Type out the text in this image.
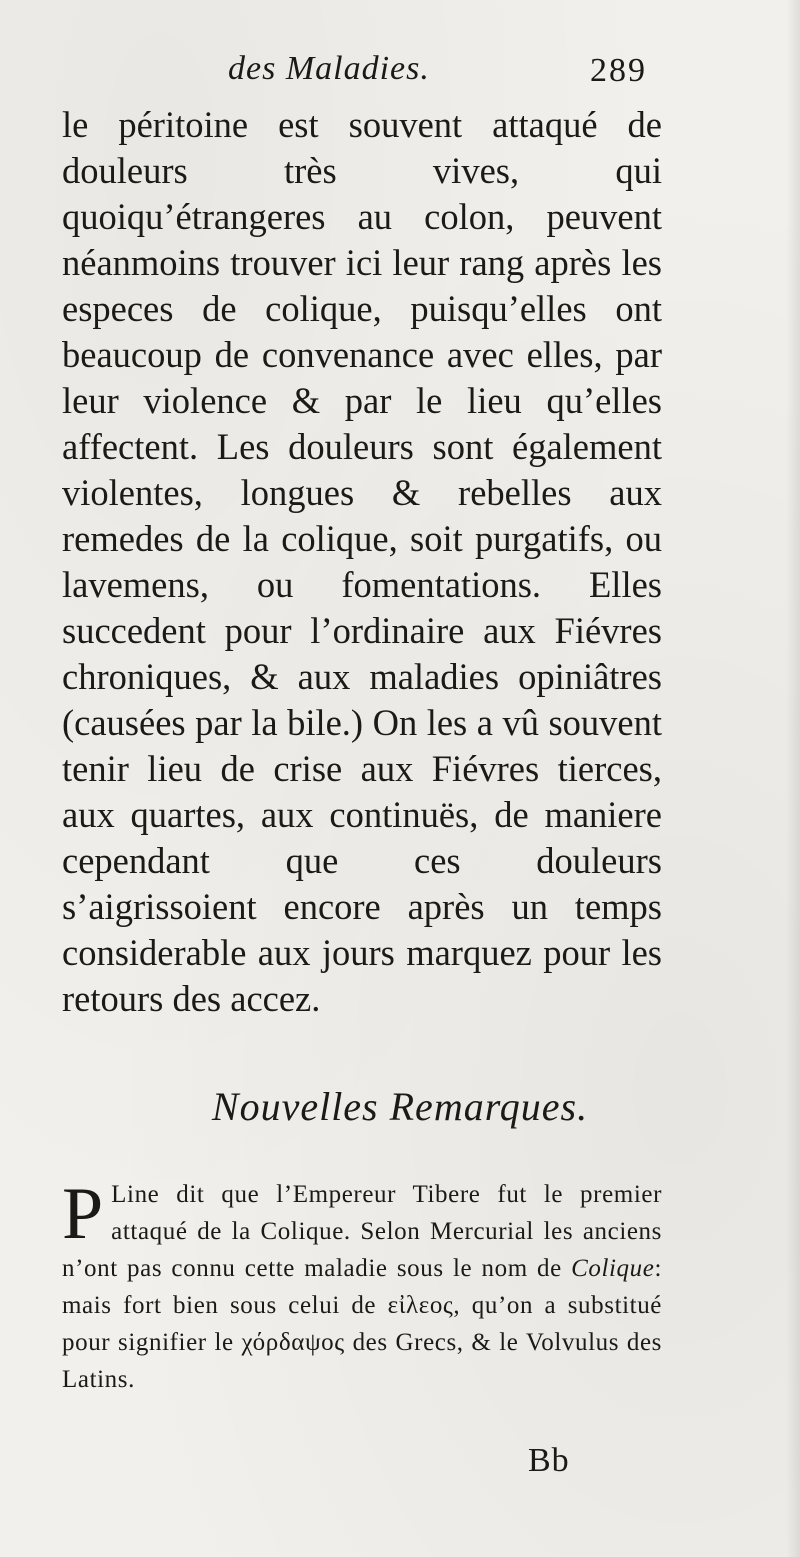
des Maladies.	289

le péritoine est souvent attaqué de douleurs très vives, qui quoiqu’étrangeres au colon, peuvent néanmoins trouver ici leur rang après les especes de colique, puisqu’elles ont beaucoup de convenance avec elles, par leur violence & par le lieu qu’elles affectent. Les douleurs sont également violentes, longues & rebelles aux remedes de la colique, soit purgatifs, ou lavemens, ou fomentations. Elles succedent pour l’ordinaire aux Fiévres chroniques, & aux maladies opiniâtres (causées par la bile.) On les a vû souvent tenir lieu de crise aux Fiévres tierces, aux quartes, aux continuës, de maniere cependant que ces douleurs s’aigrissoient encore après un temps considerable aux jours marquez pour les retours des accez.

Nouvelles Remarques.
P Line dit que l’Empereur Tibere fut le premier attaqué de la Colique. Selon Mercurial les anciens n’ont pas connu cette maladie sous le nom de Colique: mais fort bien sous celui de εἰλεος, qu’on a substitué pour signifier le χόρδαψος des Grecs, & le Volvulus des Latins.

Bb
